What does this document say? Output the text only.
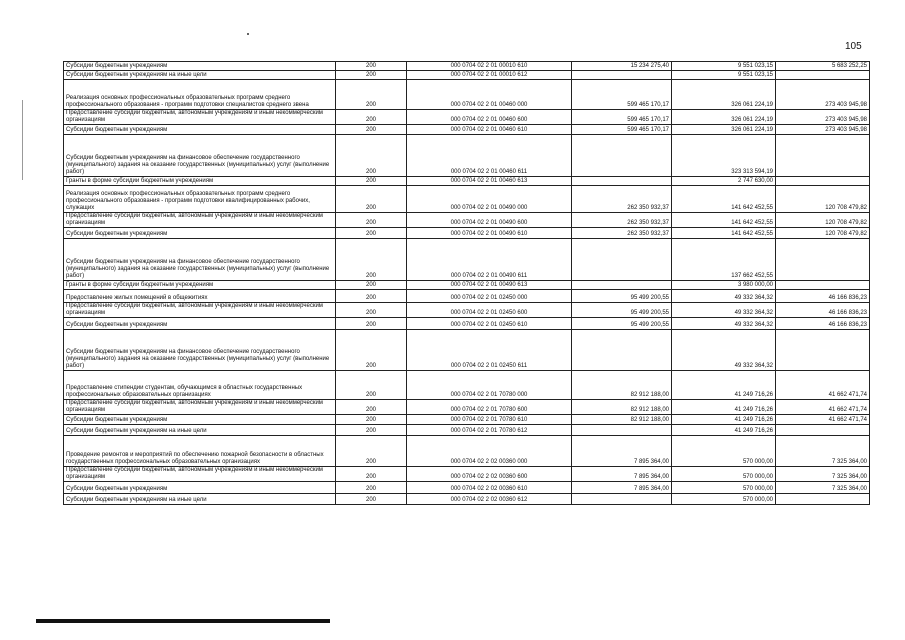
105
Субсидии бюджетным учреждениям	200	000 0704 02 2 01 00010 610	15 234 275,40	9 551 023,15	5 683 252,25
Субсидии бюджетным учреждениям на иные цели	200	000 0704 02 2 01 00010 612		9 551 023,15	
Реализация основных профессиональных образовательных программ среднего профессионального образования - программ подготовки специалистов среднего звена	200	000 0704 02 2 01 00460 000	599 465 170,17	326 061 224,19	273 403 945,98
Предоставление субсидий бюджетным, автономным учреждениям и иным некоммерческим организациям	200	000 0704 02 2 01 00460 600	599 465 170,17	326 061 224,19	273 403 945,98
Субсидии бюджетным учреждениям	200	000 0704 02 2 01 00460 610	599 465 170,17	326 061 224,19	273 403 945,98
Субсидии бюджетным учреждениям на финансовое обеспечение государственного (муниципального) задания на оказание государственных (муниципальных) услуг (выполнение работ)	200	000 0704 02 2 01 00460 611		323 313 594,19	
Гранты в форме субсидии бюджетным учреждениям	200	000 0704 02 2 01 00460 613		2 747 630,00	
Реализация основных профессиональных образовательных программ среднего профессионального образования - программ подготовки квалифицированных рабочих, служащих	200	000 0704 02 2 01 00490 000	262 350 932,37	141 642 452,55	120 708 479,82
Предоставление субсидий бюджетным, автономным учреждениям и иным некоммерческим организациям	200	000 0704 02 2 01 00490 600	262 350 932,37	141 642 452,55	120 708 479,82
Субсидии бюджетным учреждениям	200	000 0704 02 2 01 00490 610	262 350 932,37	141 642 452,55	120 708 479,82
Субсидии бюджетным учреждениям на финансовое обеспечение государственного (муниципального) задания на оказание государственных (муниципальных) услуг (выполнение работ)	200	000 0704 02 2 01 00490 611		137 662 452,55	
Гранты в форме субсидии бюджетным учреждениям	200	000 0704 02 2 01 00490 613		3 980 000,00	
Предоставление жилых помещений в общежитиях	200	000 0704 02 2 01 02450 000	95 499 200,55	49 332 364,32	46 166 836,23
Предоставление субсидий бюджетным, автономным учреждениям и иным некоммерческим организациям	200	000 0704 02 2 01 02450 600	95 499 200,55	49 332 364,32	46 166 836,23
Субсидии бюджетным учреждениям	200	000 0704 02 2 01 02450 610	95 499 200,55	49 332 364,32	46 166 836,23
Субсидии бюджетным учреждениям на финансовое обеспечение государственного (муниципального) задания на оказание государственных (муниципальных) услуг (выполнение работ)	200	000 0704 02 2 01 02450 611		49 332 364,32	
Предоставление стипендии студентам, обучающимся в областных государственных профессиональных образовательных организациях	200	000 0704 02 2 01 70780 000	82 912 188,00	41 249 716,26	41 662 471,74
Предоставление субсидий бюджетным, автономным учреждениям и иным некоммерческим организациям	200	000 0704 02 2 01 70780 600	82 912 188,00	41 249 716,26	41 662 471,74
Субсидии бюджетным учреждениям	200	000 0704 02 2 01 70780 610	82 912 188,00	41 249 716,26	41 662 471,74
Субсидии бюджетным учреждениям на иные цели	200	000 0704 02 2 01 70780 612		41 249 716,26	
Проведение ремонтов и мероприятий по обеспечению пожарной безопасности в областных государственных профессиональных образовательных организациях	200	000 0704 02 2 02 00360 000	7 895 364,00	570 000,00	7 325 364,00
Предоставление субсидий бюджетным, автономным учреждениям и иным некоммерческим организациям	200	000 0704 02 2 02 00360 600	7 895 364,00	570 000,00	7 325 364,00
Субсидии бюджетным учреждениям	200	000 0704 02 2 02 00360 610	7 895 364,00	570 000,00	7 325 364,00
Субсидии бюджетным учреждениям на иные цели	200	000 0704 02 2 02 00360 612		570 000,00	
